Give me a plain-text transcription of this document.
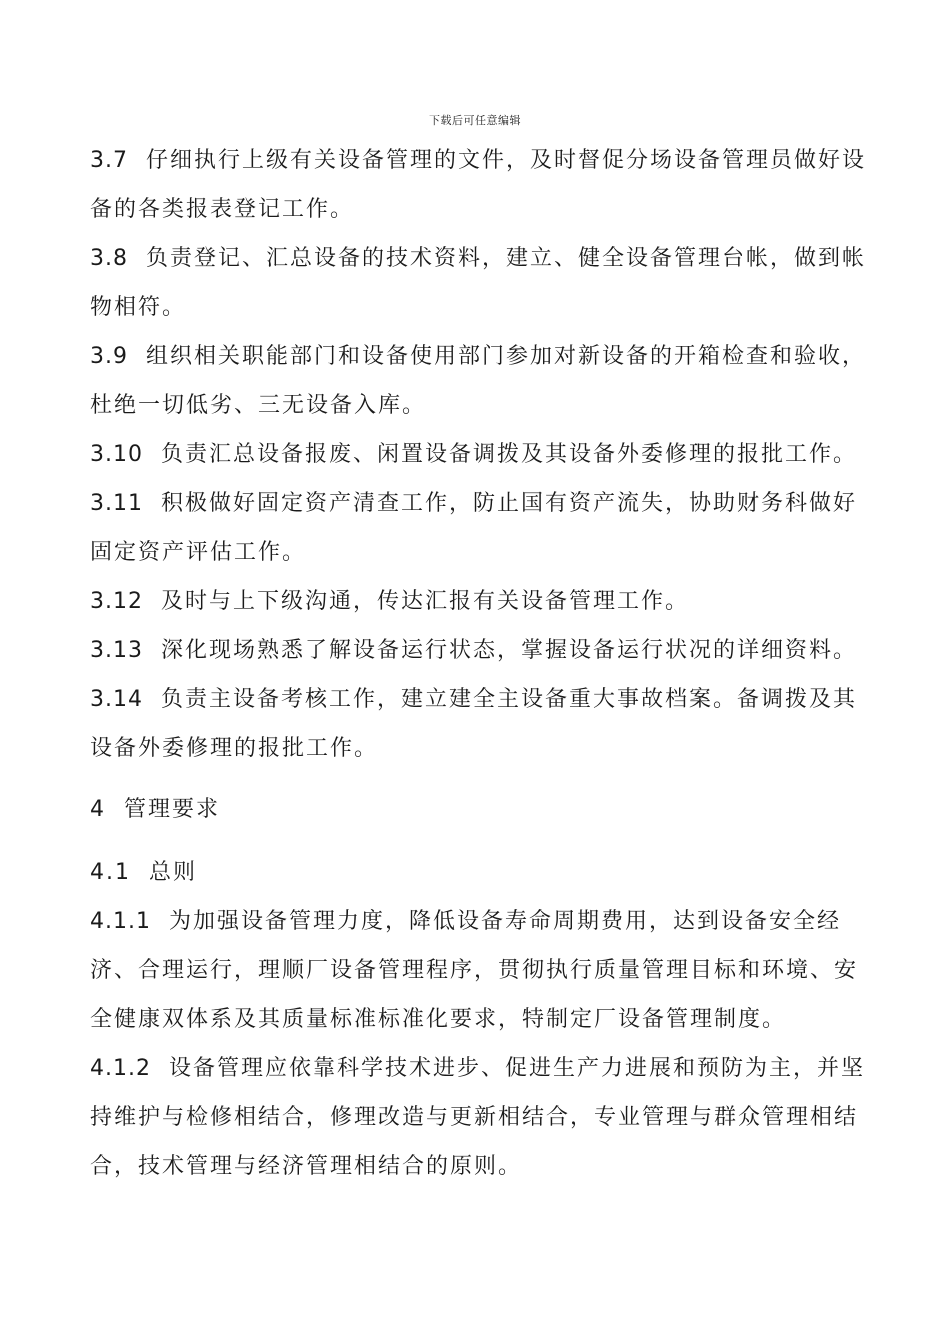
下载后可任意编辑

3.7 仔细执行上级有关设备管理的文件，及时督促分场设备管理员做好设备的各类报表登记工作。

3.8 负责登记、汇总设备的技术资料，建立、健全设备管理台帐，做到帐物相符。

3.9 组织相关职能部门和设备使用部门参加对新设备的开箱检查和验收，杜绝一切低劣、三无设备入库。

3.10 负责汇总设备报废、闲置设备调拨及其设备外委修理的报批工作。

3.11 积极做好固定资产清查工作，防止国有资产流失，协助财务科做好固定资产评估工作。

3.12 及时与上下级沟通，传达汇报有关设备管理工作。

3.13 深化现场熟悉了解设备运行状态，掌握设备运行状况的详细资料。

3.14 负责主设备考核工作，建立建全主设备重大事故档案。备调拨及其设备外委修理的报批工作。

4 管理要求

4.1 总则

4.1.1 为加强设备管理力度，降低设备寿命周期费用，达到设备安全经济、合理运行，理顺厂设备管理程序，贯彻执行质量管理目标和环境、安全健康双体系及其质量标准标准化要求，特制定厂设备管理制度。

4.1.2 设备管理应依靠科学技术进步、促进生产力进展和预防为主，并坚持维护与检修相结合，修理改造与更新相结合，专业管理与群众管理相结合，技术管理与经济管理相结合的原则。
